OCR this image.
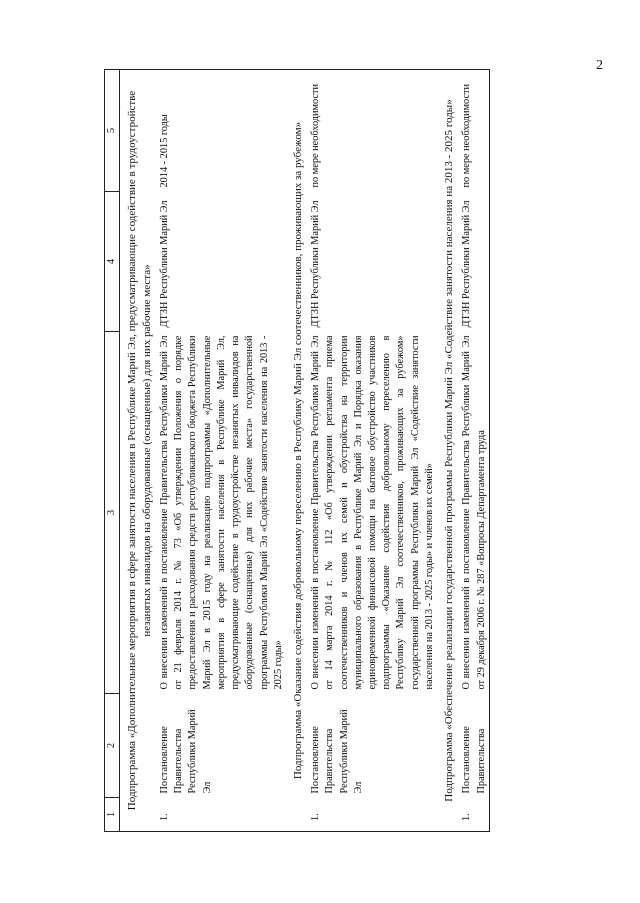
2
1	2	3	4	5
Подпрограмма «Дополнительные мероприятия в сфере занятости населения в Республике Марий Эл, предусматривающие содействие в трудоустройстве незанятых инвалидов на оборудованные (оснащенные) для них рабочие места»				
1.	Постановление Правительства Республики Марий Эл	О внесении изменений в постановление Правительства Республики Марий Эл от 21 февраля 2014 г. № 73 «Об утверждении Положения о порядке предоставления и расходования средств республиканского бюджета Республики Марий Эл в 2015 году на реализацию подпрограммы «Дополнительные мероприятия в сфере занятости населения в Республике Марий Эл, предусматривающие содействие в трудоустройстве незанятых инвалидов на оборудованные (оснащенные) для них рабочие места» государственной программы Республики Марий Эл «Содействие занятости населения на 2013 - 2025 годы»	ДТЗН Республики Марий Эл	2014 - 2015 годы
Подпрограмма «Оказание содействия добровольному переселению в Республику Марий Эл соотечественников, проживающих за рубежом»				
1.	Постановление Правительства Республики Марий Эл	О внесении изменений в постановление Правительства Республики Марий Эл от 14 марта 2014 г. № 112 «Об утверждении регламента приема соотечественников и членов их семей и обустройства на территории муниципального образования в Республике Марий Эл и Порядка оказания единовременной финансовой помощи на бытовое обустройство участников подпрограммы «Оказание содействия добровольному переселению в Республику Марий Эл соотечественников, проживающих за рубежом» государственной программы Республики Марий Эл «Содействие занятости населения на 2013 - 2025 годы» и членов их семей»	ДТЗН Республики Марий Эл	по мере необходимости
Подпрограмма «Обеспечение реализации государственной программы Республики Марий Эл «Содействие занятости населения на 2013 - 2025 годы»				
1.	Постановление Правительства	О внесении изменений в постановление Правительства Республики Марий Эл от 29 декабря 2006 г. № 287 «Вопросы Департамента труда	ДТЗН Республики Марий Эл	по мере необходимости
